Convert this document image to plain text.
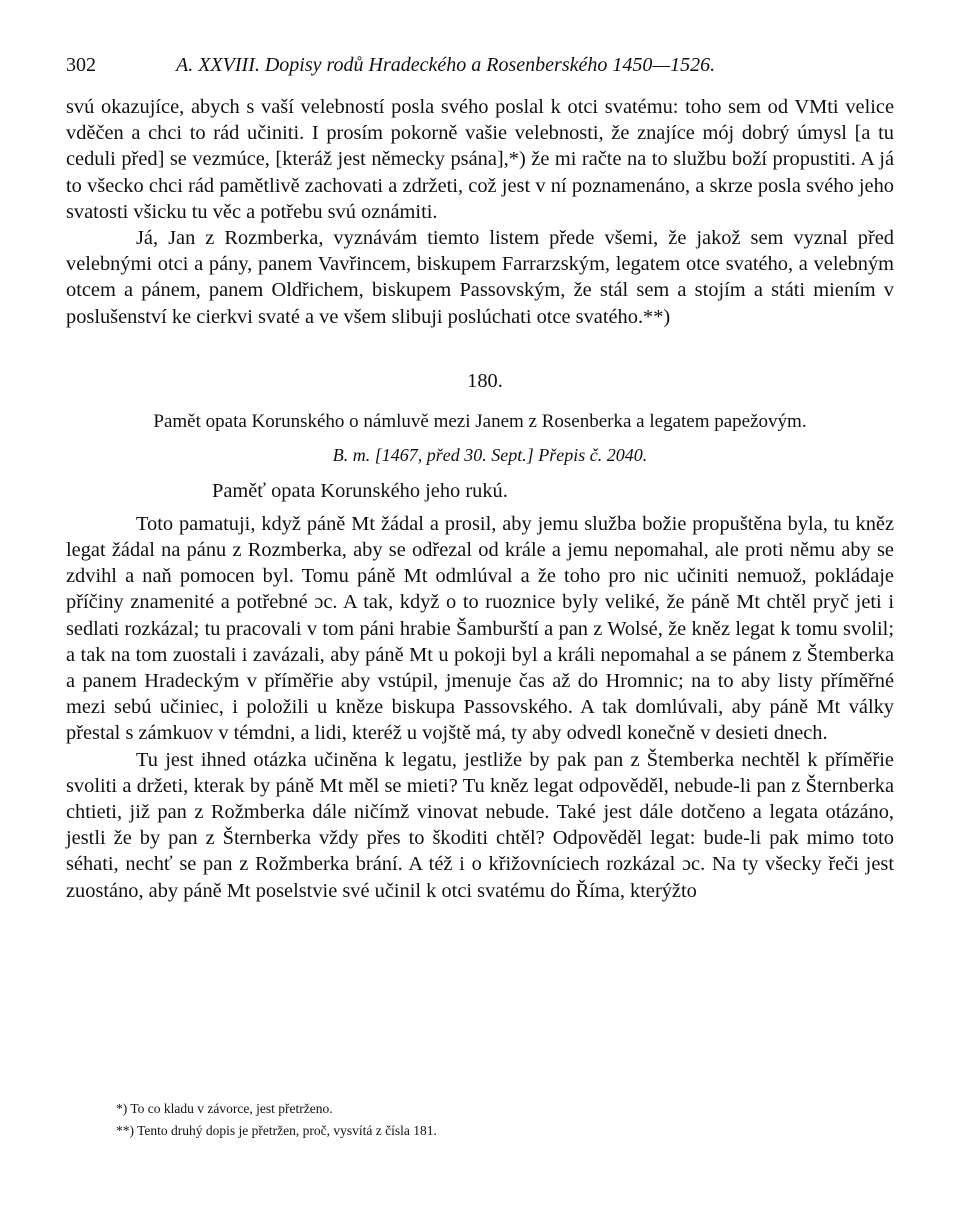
302	A. XXVIII. Dopisy rodů Hradeckého a Rosenberského 1450—1526.

svú okazujíce, abych s vaší velebností posla svého poslal k otci svatému: toho sem od VMti velice vděčen a chci to rád učiniti. I prosím pokorně vašie velebnosti, že znajíce mój dobrý úmysl [a tu ceduli před] se vezmúce, [kteráž jest německy psána],*) že mi račte na to službu boží propustiti. A já to všecko chci rád pamětlivě zachovati a zdržeti, což jest v ní poznamenáno, a skrze posla svého jeho svatosti všicku tu věc a potřebu svú oznámiti.

Já, Jan z Rozmberka, vyznávám tiemto listem přede všemi, že jakož sem vyznal před velebnými otci a pány, panem Vavřincem, biskupem Farrarzským, legatem otce svatého, a velebným otcem a pánem, panem Oldřichem, biskupem Passovským, že stál sem a stojím a státi miením v poslušenství ke cierkvi svaté a ve všem slibuji poslúchati otce svatého.**)

180.

Pamět opata Korunského o námluvě mezi Janem z Rosenberka a legatem papežovým.

B. m. [1467, před 30. Sept.] Přepis č. 2040.

Paměť opata Korunského jeho rukú.

Toto pamatuji, když páně Mt žádal a prosil, aby jemu služba božie propuštěna byla, tu kněz legat žádal na pánu z Rozmberka, aby se odřezal od krále a jemu nepomahal, ale proti němu aby se zdvihl a naň pomocen byl. Tomu páně Mt odmlúval a že toho pro nic učiniti nemuož, pokládaje příčiny znamenité a potřebné ɔc. A tak, když o to ruoznice byly veliké, že páně Mt chtěl pryč jeti i sedlati rozkázal; tu pracovali v tom páni hrabie Šamburští a pan z Wolsé, že kněz legat k tomu svolil; a tak na tom zuostali i zavázali, aby páně Mt u pokoji byl a králi nepomahal a se pánem z Štemberka a panem Hradeckým v příměřie aby vstúpil, jmenuje čas až do Hromnic; na to aby listy příměřné mezi sebú učiniec, i položili u kněze biskupa Passovského. A tak domlúvali, aby páně Mt války přestal s zámkuov v témdni, a lidi, kteréž u vojště má, ty aby odvedl konečně v desieti dnech.

Tu jest ihned otázka učiněna k legatu, jestliže by pak pan z Štemberka nechtěl k příměřie svoliti a držeti, kterak by páně Mt měl se mieti? Tu kněz legat odpověděl, nebude-li pan z Šternberka chtieti, již pan z Rožmberka dále ničímž vinovat nebude. Také jest dále dotčeno a legata otázáno, jestli že by pan z Šternberka vždy přes to škoditi chtěl? Odpověděl legat: bude-li pak mimo toto séhati, nechť se pan z Rožmberka brání. A též i o křižovníciech rozkázal ɔc. Na ty všecky řeči jest zuostáno, aby páně Mt poselstvie své učinil k otci svatému do Říma, kterýžto

*) To co kladu v závorce, jest přetrženo.

**) Tento druhý dopis je přetržen, proč, vysvítá z čísla 181.
